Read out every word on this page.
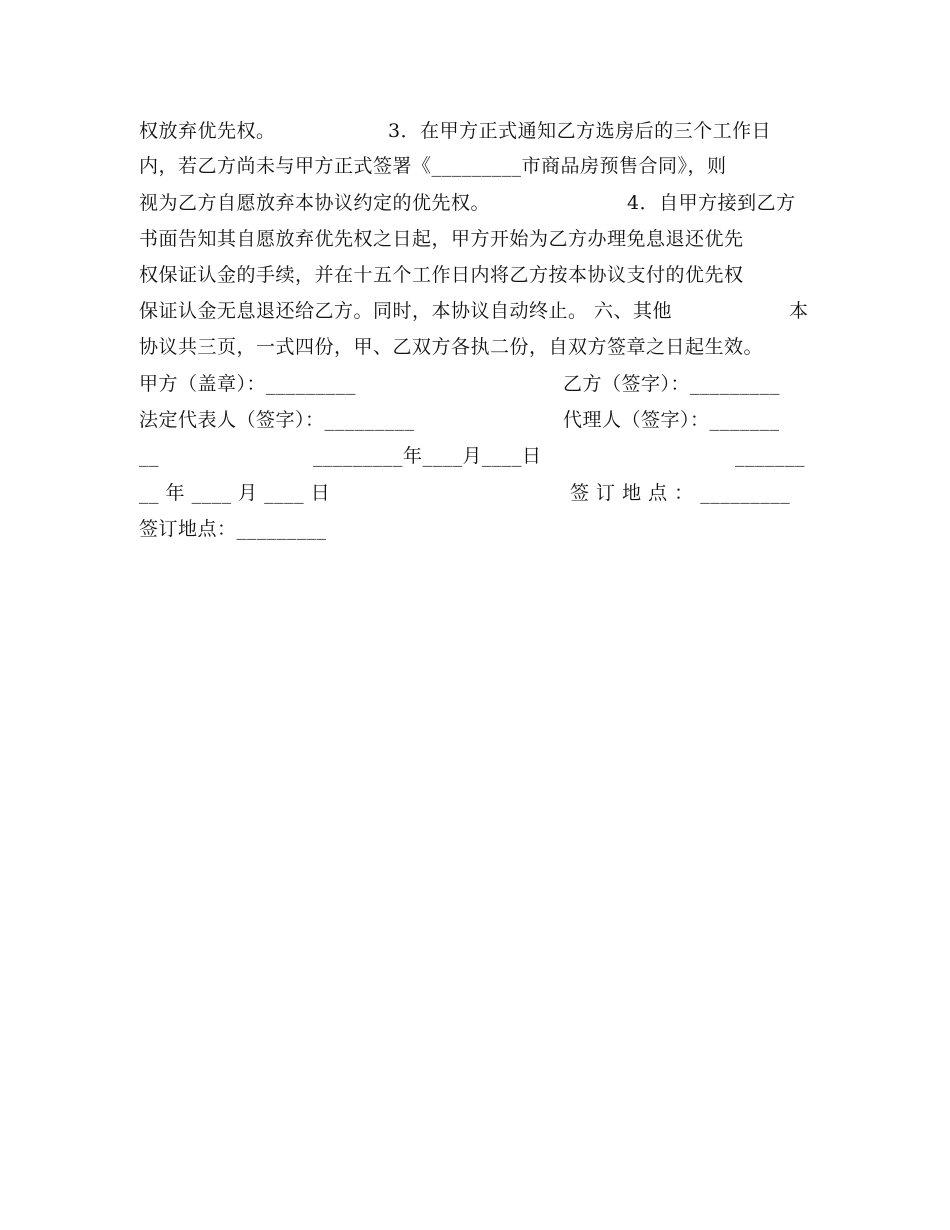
权放弃优先权。

	3．在甲方正式通知乙方选房后的三个工作日

内，若乙方尚未与甲方正式签署《_________市商品房预售合同》，则

视为乙方自愿放弃本协议约定的优先权。

	4．自甲方接到乙方

书面告知其自愿放弃优先权之日起，甲方开始为乙方办理免息退还优先

权保证认金的手续，并在十五个工作日内将乙方按本协议支付的优先权

保证认金无息退还给乙方。同时，本协议自动终止。 六、其他

	本

协议共三页，一式四份，甲、乙双方各执二份，自双方签章之日起生效。

甲方（盖章）：_________

	乙方（签字）：_________

法定代表人（签字）：_________

	代理人（签字）：_______

__

	_________年____月____日

	_______

__ 年 ____ 月 ____ 日

	签 订 地 点 ： _________

签订地点：_________
